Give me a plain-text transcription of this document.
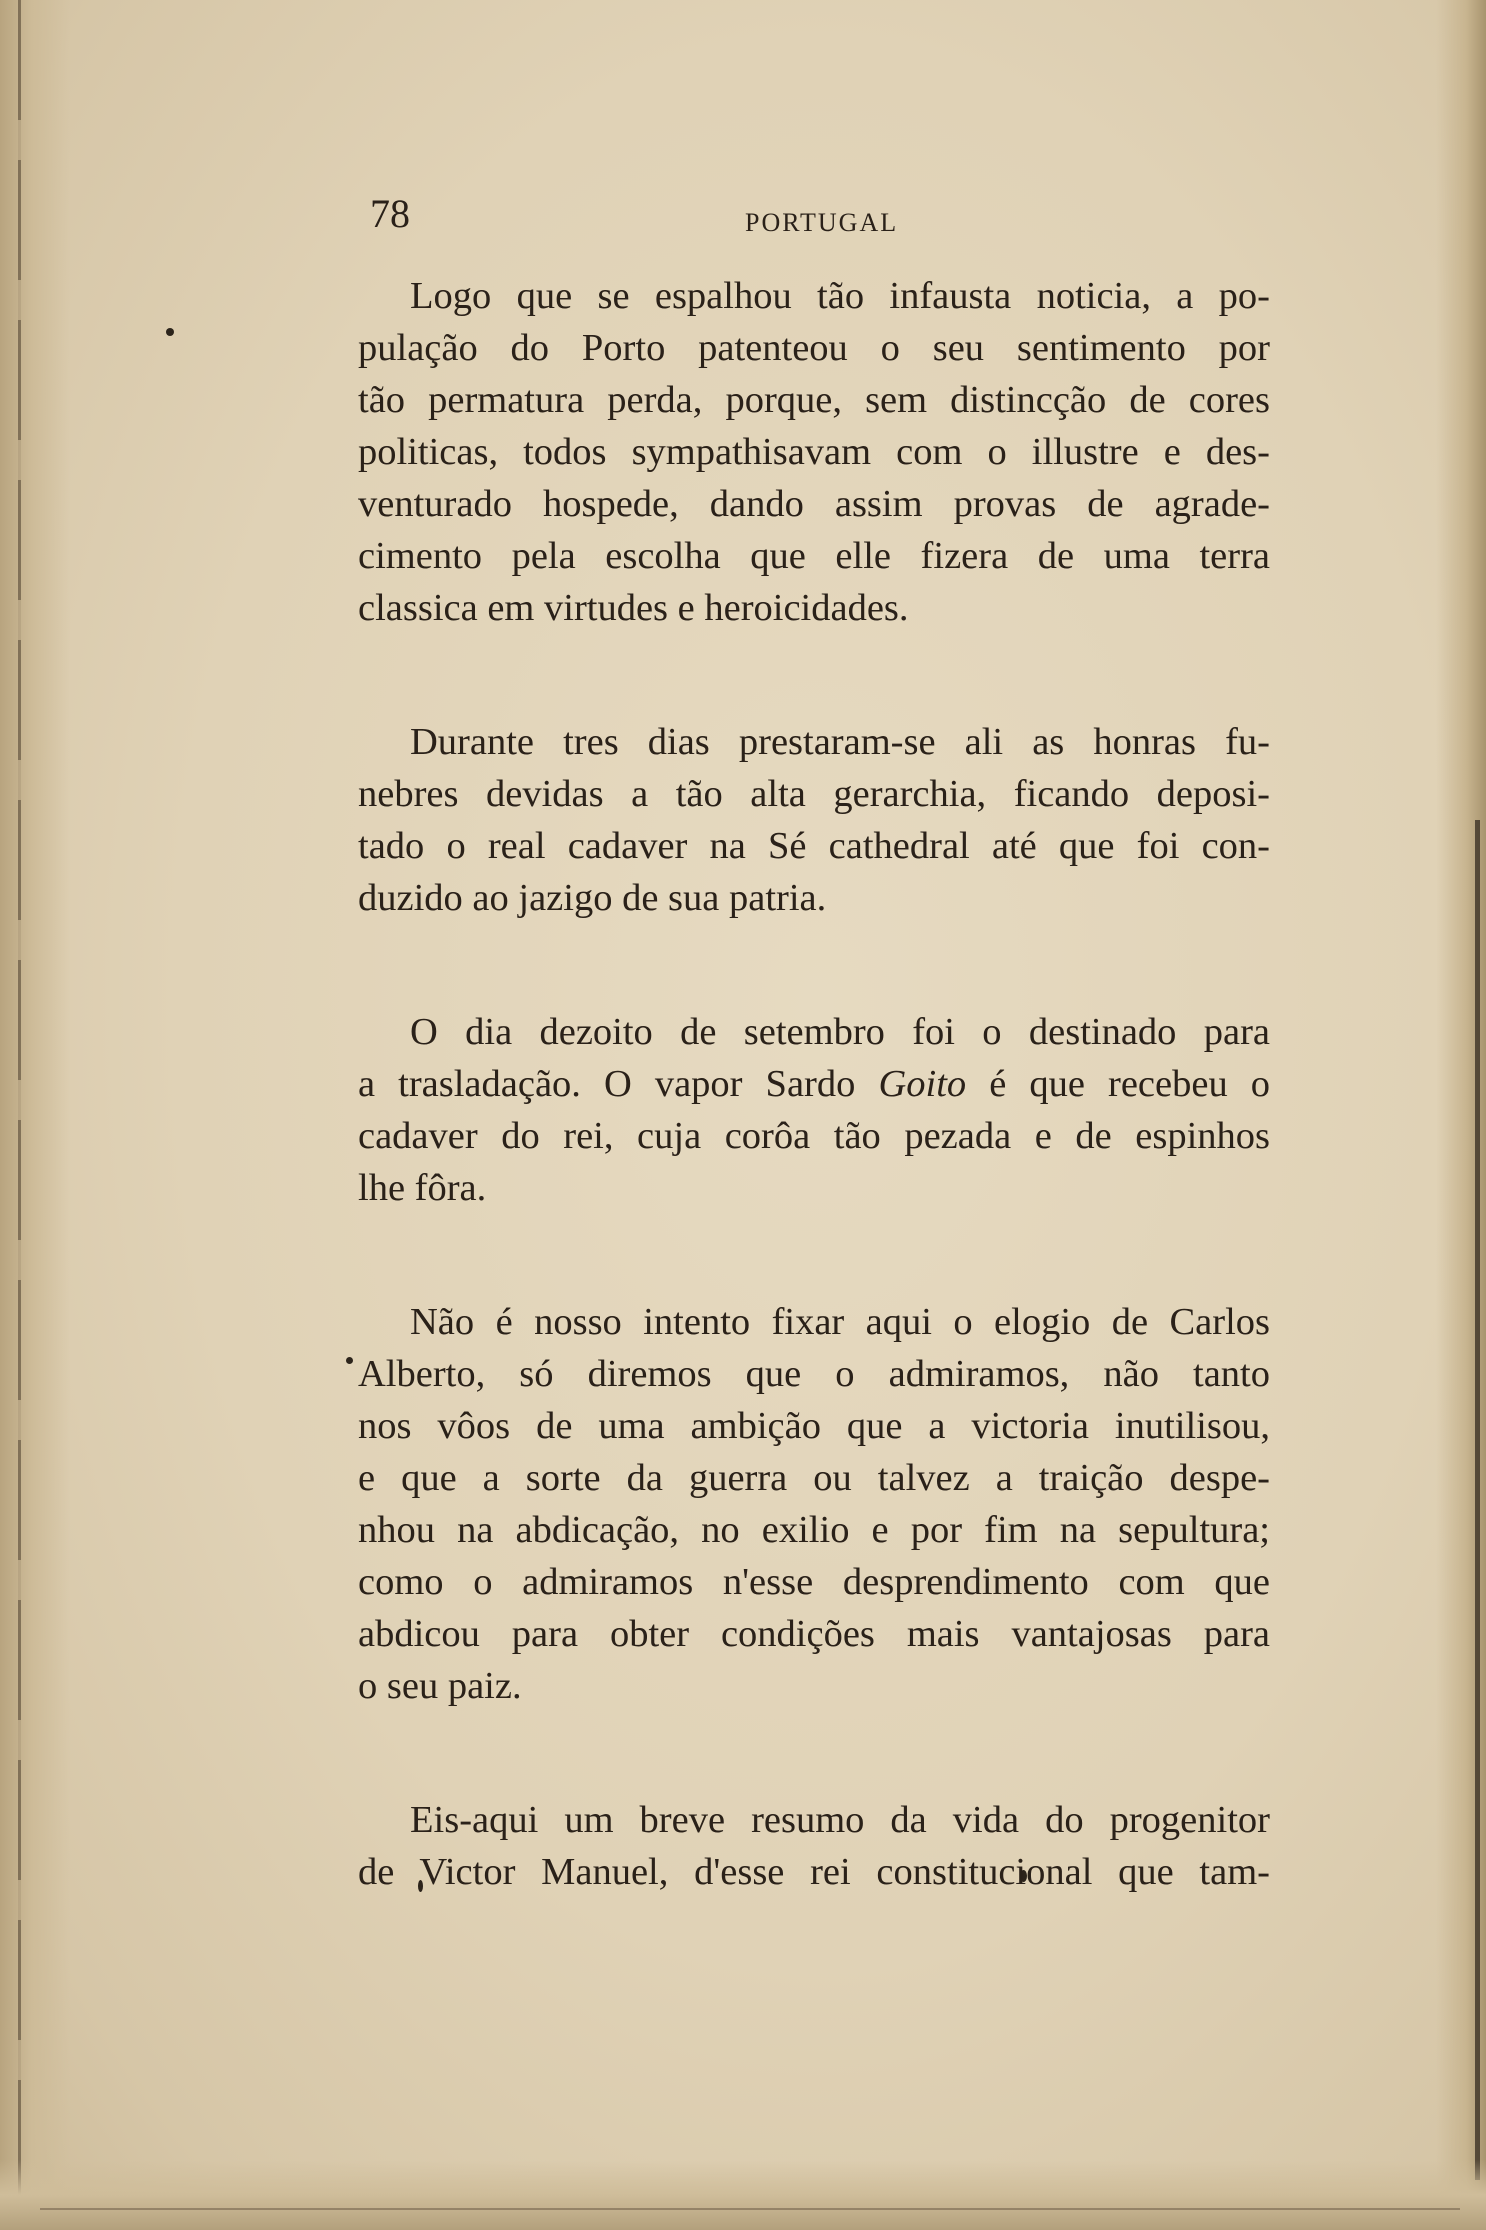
78	PORTUGAL

Logo que se espalhou tão infausta noticia, a po-
pulação do Porto patenteou o seu sentimento por
tão permatura perda, porque, sem distincção de cores
politicas, todos sympathisavam com o illustre e des-
venturado hospede, dando assim provas de agrade-
cimento pela escolha que elle fizera de uma terra
classica em virtudes e heroicidades.

Durante tres dias prestaram-se ali as honras fu-
nebres devidas a tão alta gerarchia, ficando deposi-
tado o real cadaver na Sé cathedral até que foi con-
duzido ao jazigo de sua patria.

O dia dezoito de setembro foi o destinado para
a trasladação. O vapor Sardo Goito é que recebeu o
cadaver do rei, cuja corôa tão pezada e de espinhos
lhe fôra.

Não é nosso intento fixar aqui o elogio de Carlos
Alberto, só diremos que o admiramos, não tanto
nos vôos de uma ambição que a victoria inutilisou,
e que a sorte da guerra ou talvez a traição despe-
nhou na abdicação, no exilio e por fim na sepultura;
como o admiramos n'esse desprendimento com que
abdicou para obter condições mais vantajosas para
o seu paiz.

Eis-aqui um breve resumo da vida do progenitor
de Victor Manuel, d'esse rei constitucional que tam-
